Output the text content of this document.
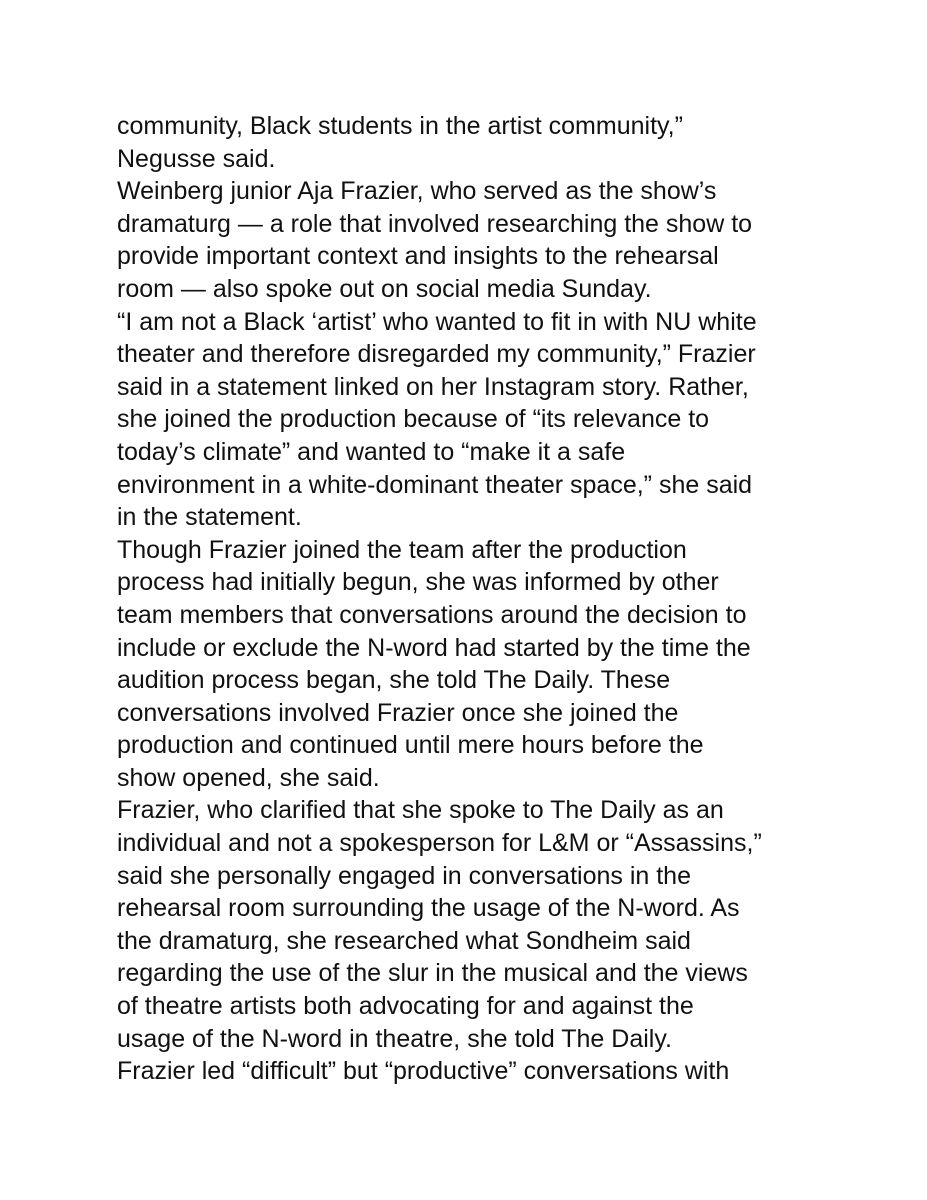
community, Black students in the artist community,”
Negusse said.

Weinberg junior Aja Frazier, who served as the show’s
dramaturg — a role that involved researching the show to
provide important context and insights to the rehearsal
room — also spoke out on social media Sunday.

“I am not a Black ‘artist’ who wanted to fit in with NU white
theater and therefore disregarded my community,” Frazier
said in a statement linked on her Instagram story. Rather,
she joined the production because of “its relevance to
today’s climate” and wanted to “make it a safe
environment in a white-dominant theater space,” she said
in the statement.

Though Frazier joined the team after the production
process had initially begun, she was informed by other
team members that conversations around the decision to
include or exclude the N-word had started by the time the
audition process began, she told The Daily. These
conversations involved Frazier once she joined the
production and continued until mere hours before the
show opened, she said.

Frazier, who clarified that she spoke to The Daily as an
individual and not a spokesperson for L&M or “Assassins,”
said she personally engaged in conversations in the
rehearsal room surrounding the usage of the N-word. As
the dramaturg, she researched what Sondheim said
regarding the use of the slur in the musical and the views
of theatre artists both advocating for and against the
usage of the N-word in theatre, she told The Daily.

Frazier led “difficult” but “productive” conversations with
